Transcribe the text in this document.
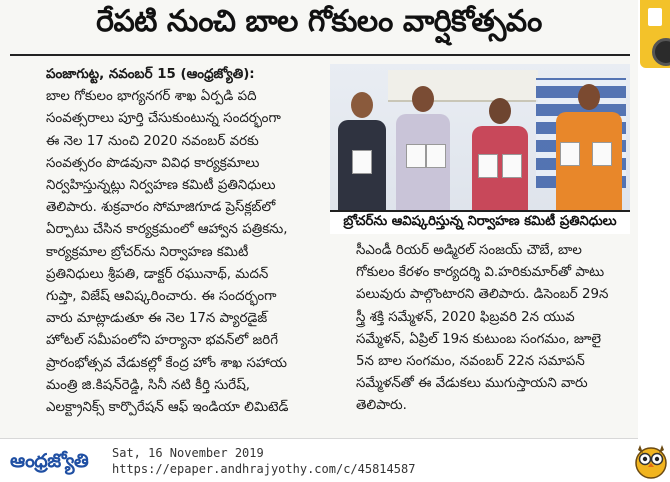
రేపటి నుంచి బాల గోకులం వార్షికోత్సవం
పంజాగుట్ట, నవంబర్ 15 (ఆంధ్రజ్యోతి):
బాల గోకులం భాగ్యనగర్ శాఖ ఏర్పడి పది
సంవత్సరాలు పూర్తి చేసుకుంటున్న సందర్భంగా
ఈ నెల 17 నుంచి 2020 నవంబర్ వరకు
సంవత్సరం పొడవునా వివిధ కార్యక్రమాలు
నిర్వహిస్తున్నట్లు నిర్వహణ కమిటీ ప్రతినిధులు
తెలిపారు. శుక్రవారం సోమాజిగూడ ప్రెస్‌క్లబ్‌లో
ఏర్పాటు చేసిన కార్యక్రమంలో ఆహ్వాన పత్రికను,
కార్యక్రమాల బ్రోచర్‌ను నిర్వాహణ కమిటీ
ప్రతినిధులు శ్రీపతి, డాక్టర్ రఘునాథ్, మదన్
గుప్తా, విజేష్ ఆవిష్కరించారు. ఈ సందర్భంగా
వారు మాట్లాడుతూ ఈ నెల 17న ప్యారడైజ్
హోటల్ సమీపంలోని హర్యానా భవన్‌లో జరిగే
ప్రారంభోత్సవ వేడుకల్లో కేంద్ర హోం శాఖ సహాయ
మంత్రి జి.కిషన్‌రెడ్డి, సినీ నటి కీర్తి సురేష్,
ఎలక్ట్రానిక్స్ కార్పొరేషన్ ఆఫ్ ఇండియా లిమిటెడ్
బ్రోచర్‌ను ఆవిష్కరిస్తున్న నిర్వాహణ కమిటీ ప్రతినిధులు
సీఎండీ రియర్ అడ్మిరల్ సంజయ్ చౌబే, బాల
గోకులం కేరళం కార్యదర్శి వి.హరికుమార్‌తో పాటు
పలువురు పాల్గొంటారని తెలిపారు. డిసెంబర్ 29న
స్త్రీ శక్తి సమ్మేళన్, 2020 ఫిబ్రవరి 2న యువ
సమ్మేళన్, ఏప్రిల్ 19న కుటుంబ సంగమం, జూలై
5న బాల సంగమం, నవంబర్ 22న సమాపన్
సమ్మేళన్‌తో ఈ వేడుకలు ముగుస్తాయని వారు
తెలిపారు.
ఆంధ్రజ్యోతి Sat, 16 November 2019
https://epaper.andhrajyothy.com/c/45814587
